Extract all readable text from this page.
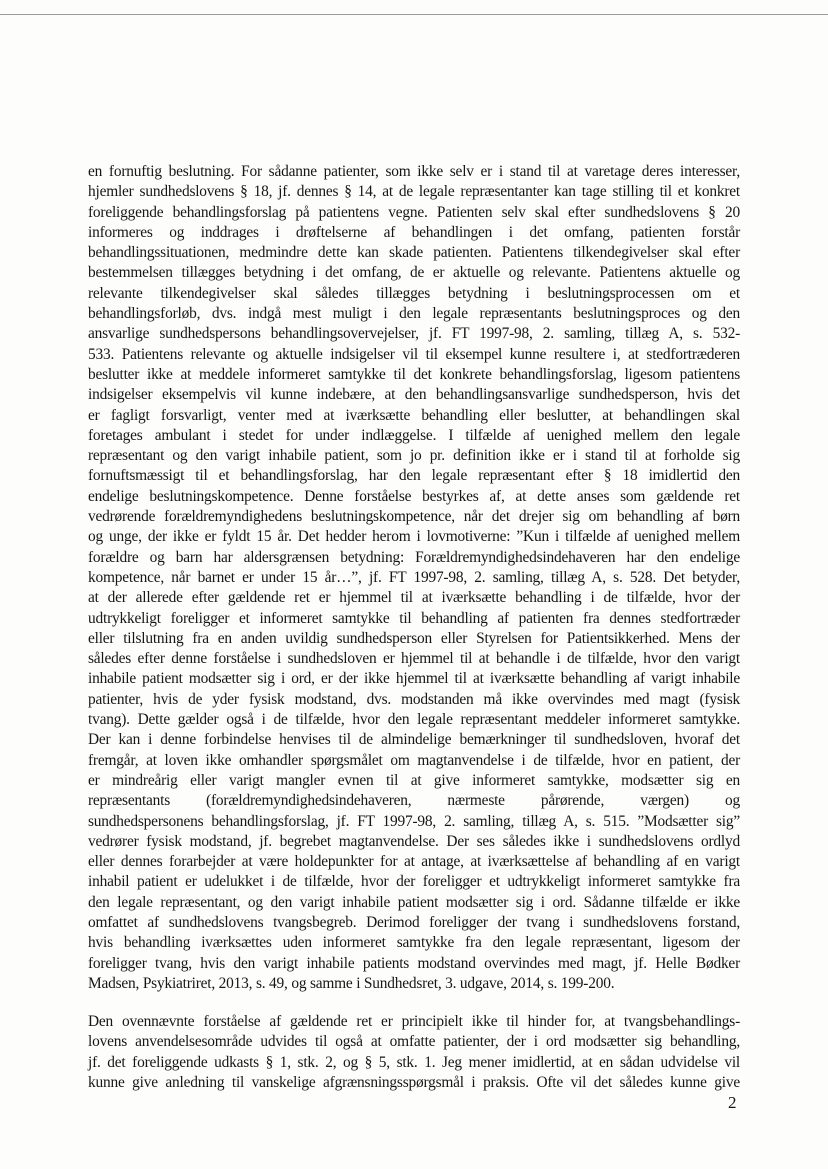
en fornuftig beslutning. For sådanne patienter, som ikke selv er i stand til at varetage deres interesser,
hjemler sundhedslovens § 18, jf. dennes § 14, at de legale repræsentanter kan tage stilling til et konkret
foreliggende behandlingsforslag på patientens vegne. Patienten selv skal efter sundhedslovens § 20
informeres og inddrages i drøftelserne af behandlingen i det omfang, patienten forstår
behandlingssituationen, medmindre dette kan skade patienten. Patientens tilkendegivelser skal efter
bestemmelsen tillægges betydning i det omfang, de er aktuelle og relevante. Patientens aktuelle og
relevante tilkendegivelser skal således tillægges betydning i beslutningsprocessen om et
behandlingsforløb, dvs. indgå mest muligt i den legale repræsentants beslutningsproces og den
ansvarlige sundhedspersons behandlingsovervejelser, jf. FT 1997-98, 2. samling, tillæg A, s. 532-
533. Patientens relevante og aktuelle indsigelser vil til eksempel kunne resultere i, at stedfortræderen
beslutter ikke at meddele informeret samtykke til det konkrete behandlingsforslag, ligesom patientens
indsigelser eksempelvis vil kunne indebære, at den behandlingsansvarlige sundhedsperson, hvis det
er fagligt forsvarligt, venter med at iværksætte behandling eller beslutter, at behandlingen skal
foretages ambulant i stedet for under indlæggelse. I tilfælde af uenighed mellem den legale
repræsentant og den varigt inhabile patient, som jo pr. definition ikke er i stand til at forholde sig
fornuftsmæssigt til et behandlingsforslag, har den legale repræsentant efter § 18 imidlertid den
endelige beslutningskompetence. Denne forståelse bestyrkes af, at dette anses som gældende ret
vedrørende forældremyndighedens beslutningskompetence, når det drejer sig om behandling af børn
og unge, der ikke er fyldt 15 år. Det hedder herom i lovmotiverne: ”Kun i tilfælde af uenighed mellem
forældre og barn har aldersgrænsen betydning: Forældremyndighedsindehaveren har den endelige
kompetence, når barnet er under 15 år…”, jf. FT 1997-98, 2. samling, tillæg A, s. 528. Det betyder,
at der allerede efter gældende ret er hjemmel til at iværksætte behandling i de tilfælde, hvor der
udtrykkeligt foreligger et informeret samtykke til behandling af patienten fra dennes stedfortræder
eller tilslutning fra en anden uvildig sundhedsperson eller Styrelsen for Patientsikkerhed. Mens der
således efter denne forståelse i sundhedsloven er hjemmel til at behandle i de tilfælde, hvor den varigt
inhabile patient modsætter sig i ord, er der ikke hjemmel til at iværksætte behandling af varigt inhabile
patienter, hvis de yder fysisk modstand, dvs. modstanden må ikke overvindes med magt (fysisk
tvang). Dette gælder også i de tilfælde, hvor den legale repræsentant meddeler informeret samtykke.
Der kan i denne forbindelse henvises til de almindelige bemærkninger til sundhedsloven, hvoraf det
fremgår, at loven ikke omhandler spørgsmålet om magtanvendelse i de tilfælde, hvor en patient, der
er mindreårig eller varigt mangler evnen til at give informeret samtykke, modsætter sig en
repræsentants (forældremyndighedsindehaveren, nærmeste pårørende, værgen) og
sundhedspersonens behandlingsforslag, jf. FT 1997-98, 2. samling, tillæg A, s. 515. ”Modsætter sig”
vedrører fysisk modstand, jf. begrebet magtanvendelse. Der ses således ikke i sundhedslovens ordlyd
eller dennes forarbejder at være holdepunkter for at antage, at iværksættelse af behandling af en varigt
inhabil patient er udelukket i de tilfælde, hvor der foreligger et udtrykkeligt informeret samtykke fra
den legale repræsentant, og den varigt inhabile patient modsætter sig i ord. Sådanne tilfælde er ikke
omfattet af sundhedslovens tvangsbegreb. Derimod foreligger der tvang i sundhedslovens forstand,
hvis behandling iværksættes uden informeret samtykke fra den legale repræsentant, ligesom der
foreligger tvang, hvis den varigt inhabile patients modstand overvindes med magt, jf. Helle Bødker
Madsen, Psykiatriret, 2013, s. 49, og samme i Sundhedsret, 3. udgave, 2014, s. 199-200.
Den ovennævnte forståelse af gældende ret er principielt ikke til hinder for, at tvangsbehandlings-
lovens anvendelsesområde udvides til også at omfatte patienter, der i ord modsætter sig behandling,
jf. det foreliggende udkasts § 1, stk. 2, og § 5, stk. 1. Jeg mener imidlertid, at en sådan udvidelse vil
kunne give anledning til vanskelige afgrænsningsspørgsmål i praksis. Ofte vil det således kunne give
2
